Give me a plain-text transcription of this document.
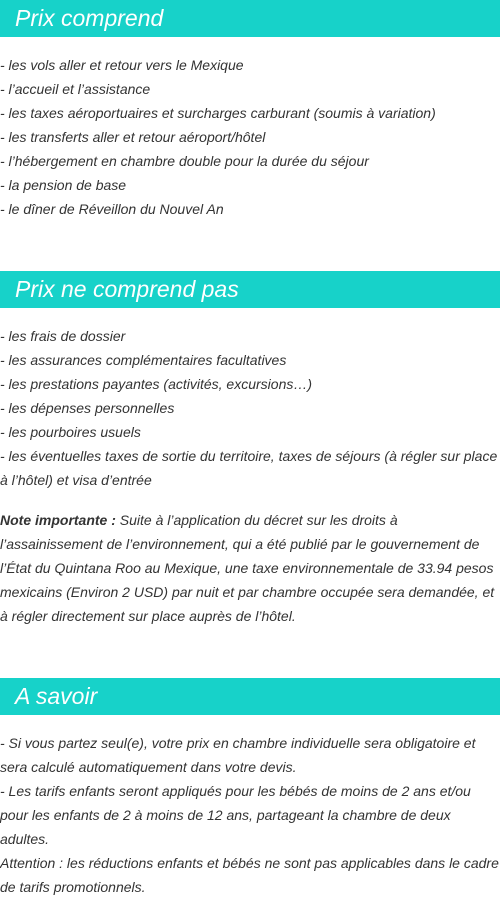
Prix comprend
- les vols aller et retour vers le Mexique
- l’accueil et l’assistance
- les taxes aéroportuaires et surcharges carburant (soumis à variation)
- les transferts aller et retour aéroport/hôtel
- l’hébergement en chambre double pour la durée du séjour
- la pension de base
- le dîner de Réveillon du Nouvel An
Prix ne comprend pas
- les frais de dossier
- les assurances complémentaires facultatives
- les prestations payantes (activités, excursions…)
- les dépenses personnelles
- les pourboires usuels
- les éventuelles taxes de sortie du territoire, taxes de séjours (à régler sur place à l’hôtel) et visa d’entrée

Note importante : Suite à l’application du décret sur les droits à l’assainissement de l’environnement, qui a été publié par le gouvernement de l’État du Quintana Roo au Mexique, une taxe environnementale de 33.94 pesos mexicains (Environ 2 USD) par nuit et par chambre occupée sera demandée, et à régler directement sur place auprès de l’hôtel.

A savoir
- Si vous partez seul(e), votre prix en chambre individuelle sera obligatoire et sera calculé automatiquement dans votre devis.
- Les tarifs enfants seront appliqués pour les bébés de moins de 2 ans et/ou pour les enfants de 2 à moins de 12 ans, partageant la chambre de deux adultes.
Attention : les réductions enfants et bébés ne sont pas applicables dans le cadre de tarifs promotionnels.
